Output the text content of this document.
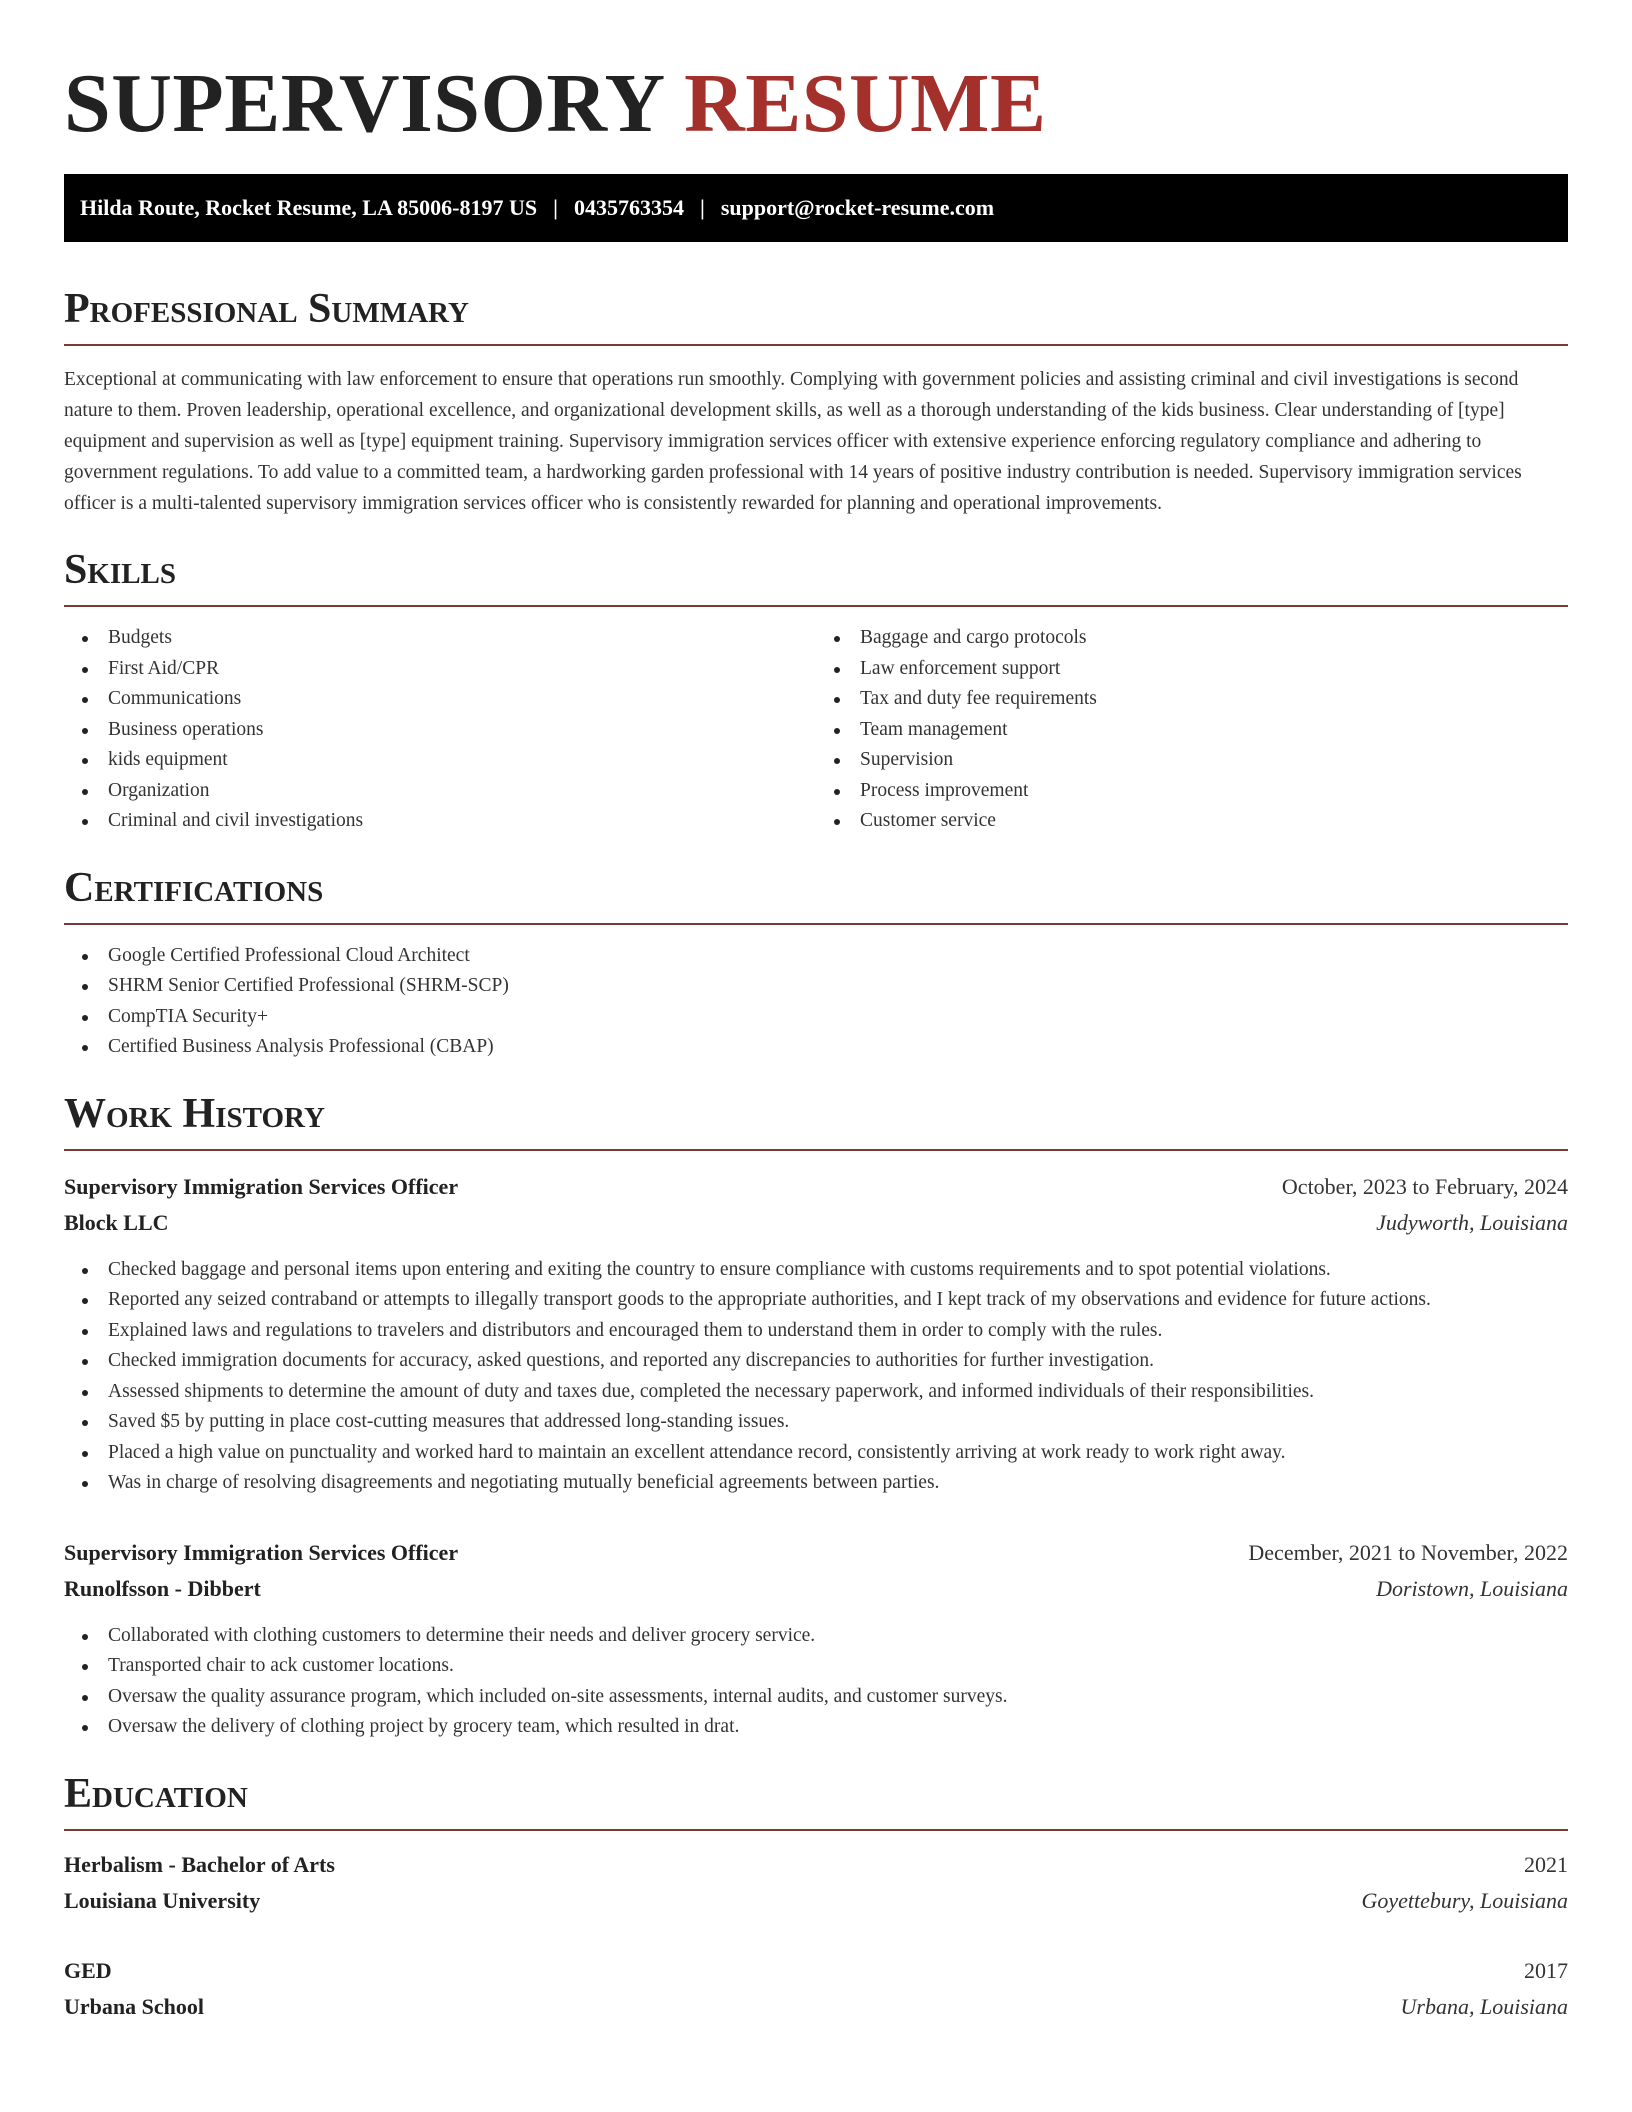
SUPERVISORY RESUME
Hilda Route, Rocket Resume, LA 85006-8197 US | 0435763354 | support@rocket-resume.com
Professional Summary

Exceptional at communicating with law enforcement to ensure that operations run smoothly. Complying with government policies and assisting criminal and civil investigations is second nature to them. Proven leadership, operational excellence, and organizational development skills, as well as a thorough understanding of the kids business. Clear understanding of [type] equipment and supervision as well as [type] equipment training. Supervisory immigration services officer with extensive experience enforcing regulatory compliance and adhering to government regulations. To add value to a committed team, a hardworking garden professional with 14 years of positive industry contribution is needed. Supervisory immigration services officer is a multi-talented supervisory immigration services officer who is consistently rewarded for planning and operational improvements.

Skills
Budgets
First Aid/CPR
Communications
Business operations
kids equipment
Organization
Criminal and civil investigations
Baggage and cargo protocols
Law enforcement support
Tax and duty fee requirements
Team management
Supervision
Process improvement
Customer service
Certifications
Google Certified Professional Cloud Architect
SHRM Senior Certified Professional (SHRM-SCP)
CompTIA Security+
Certified Business Analysis Professional (CBAP)
Work History
Supervisory Immigration Services Officer	October, 2023 to February, 2024
Block LLC	Judyworth, Louisiana
Checked baggage and personal items upon entering and exiting the country to ensure compliance with customs requirements and to spot potential violations.
Reported any seized contraband or attempts to illegally transport goods to the appropriate authorities, and I kept track of my observations and evidence for future actions.
Explained laws and regulations to travelers and distributors and encouraged them to understand them in order to comply with the rules.
Checked immigration documents for accuracy, asked questions, and reported any discrepancies to authorities for further investigation.
Assessed shipments to determine the amount of duty and taxes due, completed the necessary paperwork, and informed individuals of their responsibilities.
Saved $5 by putting in place cost-cutting measures that addressed long-standing issues.
Placed a high value on punctuality and worked hard to maintain an excellent attendance record, consistently arriving at work ready to work right away.
Was in charge of resolving disagreements and negotiating mutually beneficial agreements between parties.
Supervisory Immigration Services Officer	December, 2021 to November, 2022
Runolfsson - Dibbert	Doristown, Louisiana
Collaborated with clothing customers to determine their needs and deliver grocery service.
Transported chair to ack customer locations.
Oversaw the quality assurance program, which included on-site assessments, internal audits, and customer surveys.
Oversaw the delivery of clothing project by grocery team, which resulted in drat.
Education
Herbalism - Bachelor of Arts	2021
Louisiana University	Goyettebury, Louisiana
GED	2017
Urbana School	Urbana, Louisiana
